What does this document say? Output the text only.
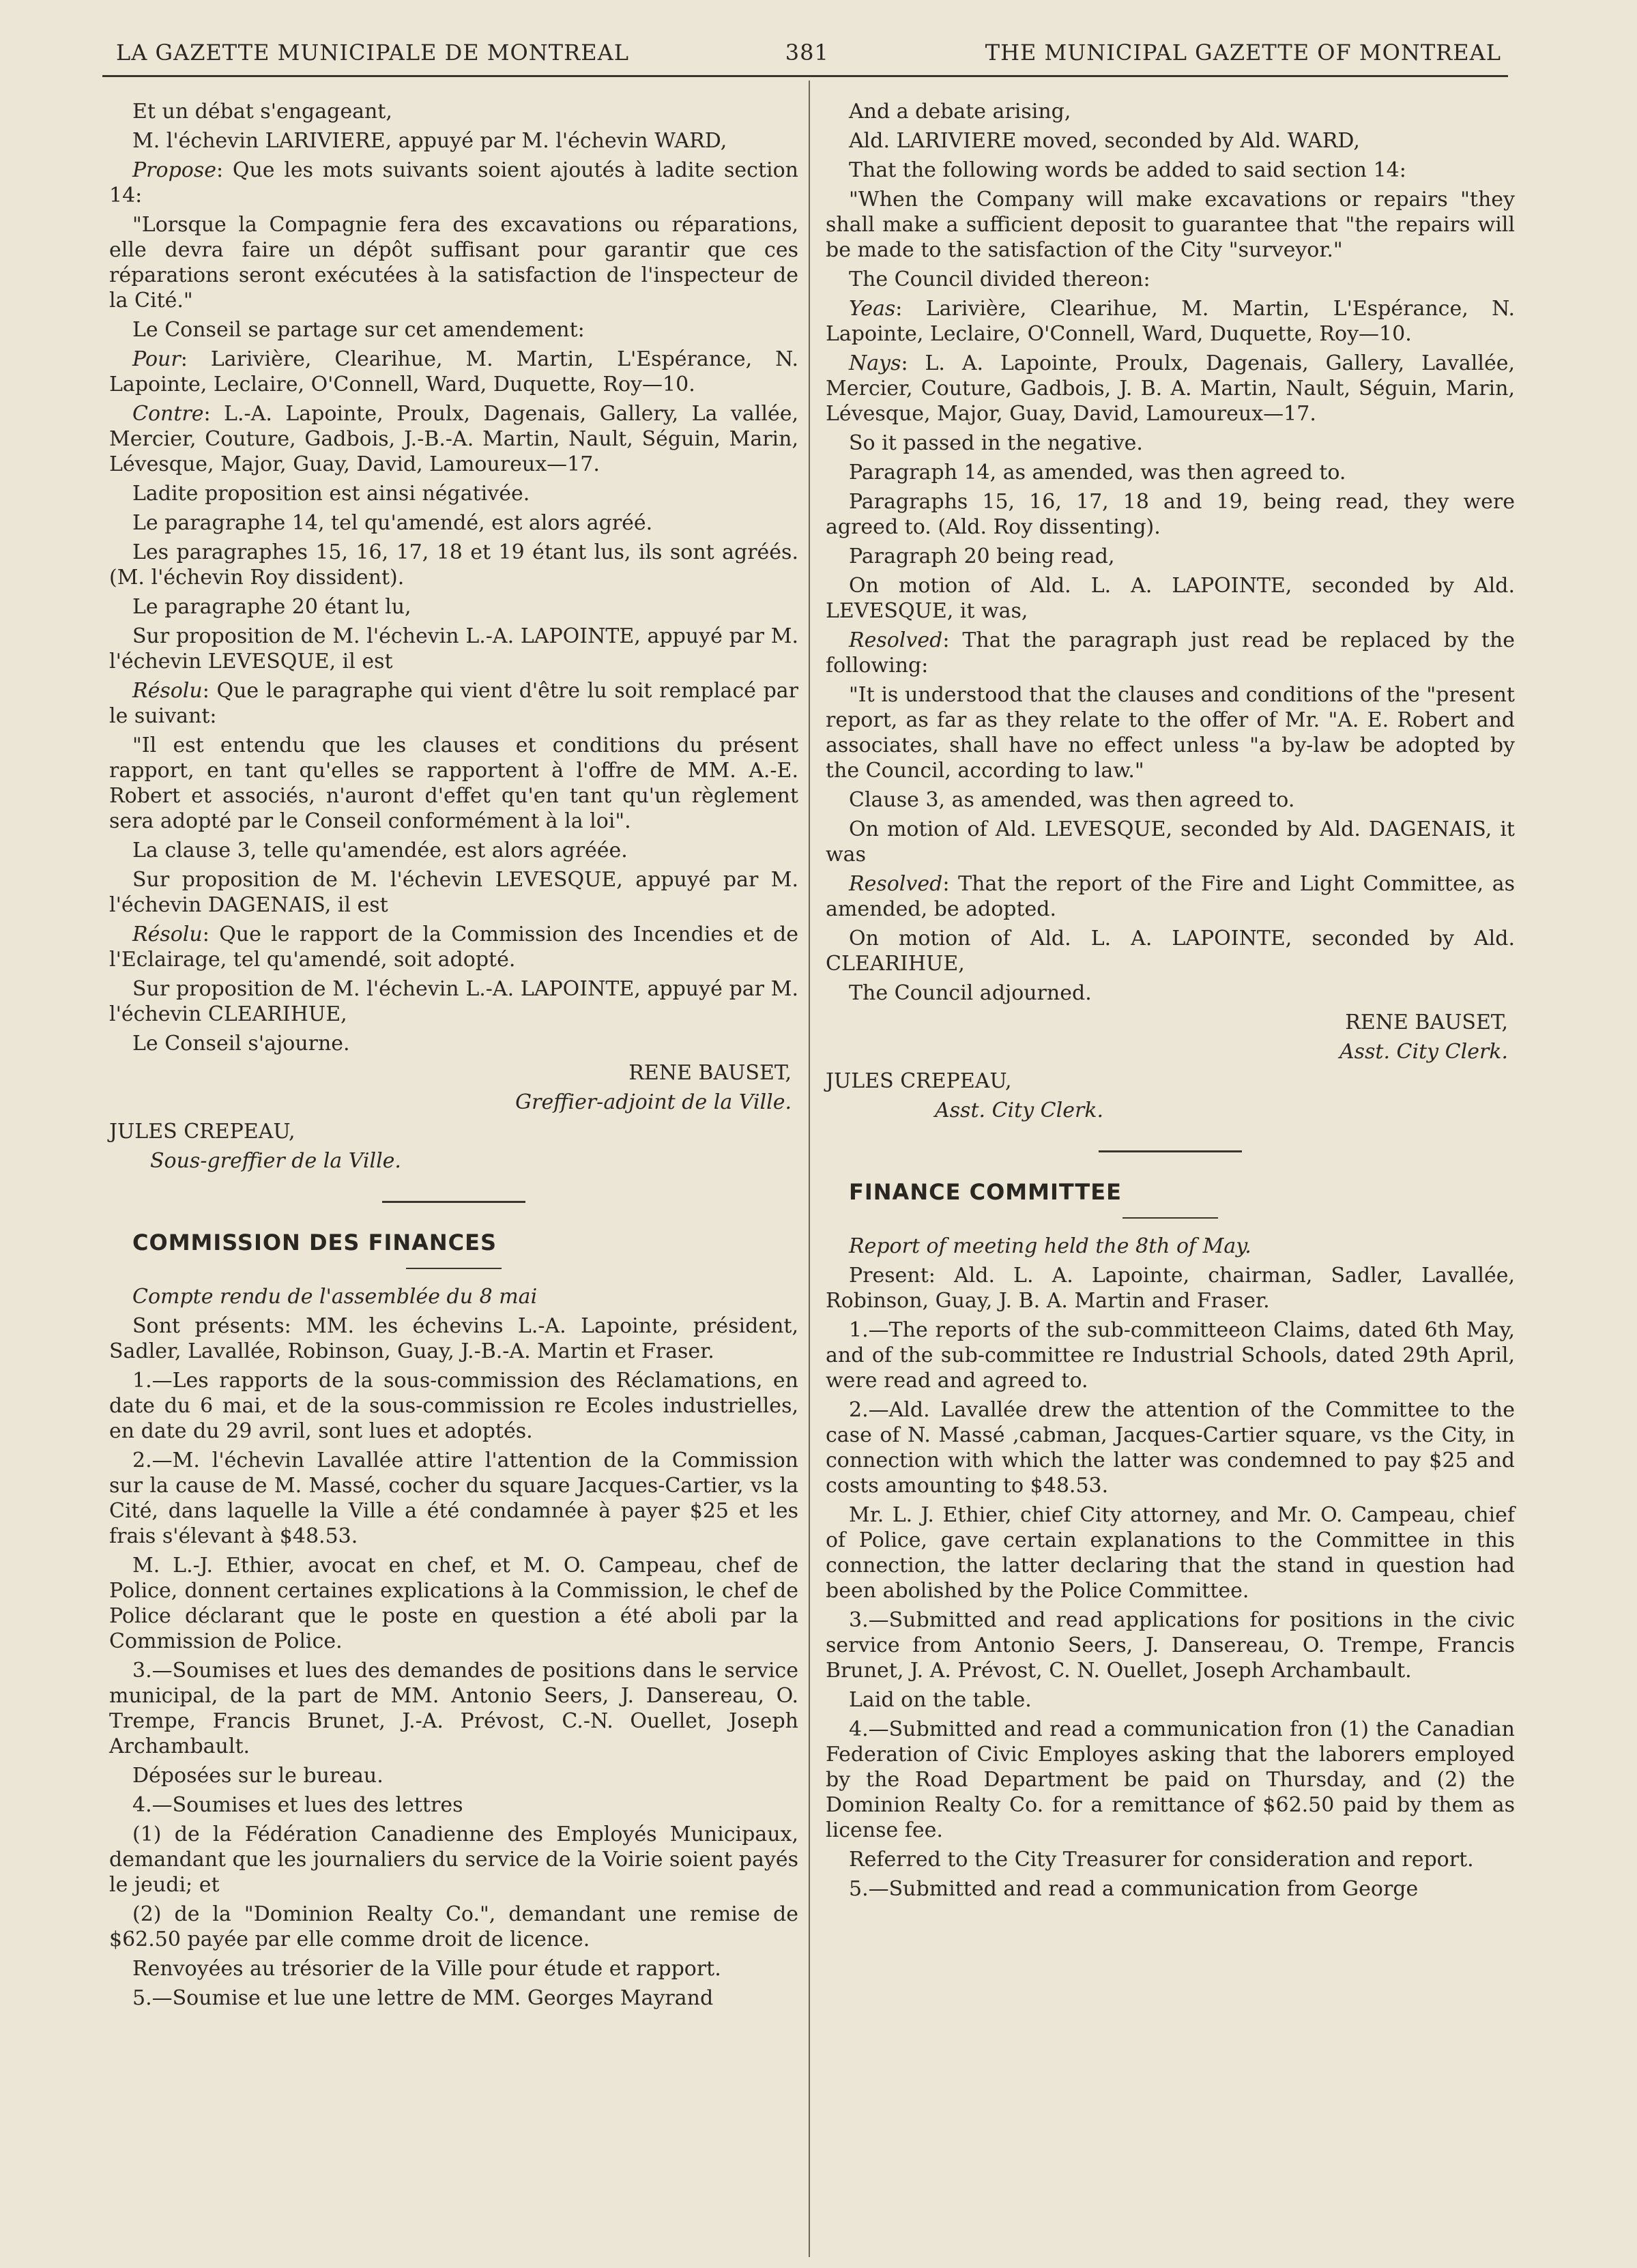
LA GAZETTE MUNICIPALE DE MONTREAL	381	THE MUNICIPAL GAZETTE OF MONTREAL

Et un débat s'engageant,

M. l'échevin LARIVIERE, appuyé par M. l'échevin WARD,

Propose: Que les mots suivants soient ajoutés à ladite section 14:

"Lorsque la Compagnie fera des excavations ou réparations, elle devra faire un dépôt suffisant pour garantir que ces réparations seront exécutées à la satisfaction de l'inspecteur de la Cité."

Le Conseil se partage sur cet amendement:

Pour: Larivière, Clearihue, M. Martin, L'Espérance, N. Lapointe, Leclaire, O'Connell, Ward, Duquette, Roy—10.

Contre: L.-A. Lapointe, Proulx, Dagenais, Gallery, La vallée, Mercier, Couture, Gadbois, J.-B.-A. Martin, Nault, Séguin, Marin, Lévesque, Major, Guay, David, Lamoureux—17.

Ladite proposition est ainsi négativée.

Le paragraphe 14, tel qu'amendé, est alors agréé.

Les paragraphes 15, 16, 17, 18 et 19 étant lus, ils sont agréés. (M. l'échevin Roy dissident).

Le paragraphe 20 étant lu,

Sur proposition de M. l'échevin L.-A. LAPOINTE, appuyé par M. l'échevin LEVESQUE, il est

Résolu: Que le paragraphe qui vient d'être lu soit remplacé par le suivant:

"Il est entendu que les clauses et conditions du présent rapport, en tant qu'elles se rapportent à l'offre de MM. A.-E. Robert et associés, n'auront d'effet qu'en tant qu'un règlement sera adopté par le Conseil conformément à la loi".

La clause 3, telle qu'amendée, est alors agréée.

Sur proposition de M. l'échevin LEVESQUE, appuyé par M. l'échevin DAGENAIS, il est

Résolu: Que le rapport de la Commission des Incendies et de l'Eclairage, tel qu'amendé, soit adopté.

Sur proposition de M. l'échevin L.-A. LAPOINTE, appuyé par M. l'échevin CLEARIHUE,

Le Conseil s'ajourne.

RENE BAUSET,

Greffier-adjoint de la Ville.

JULES CREPEAU,

Sous-greffier de la Ville.

COMMISSION DES FINANCES

Compte rendu de l'assemblée du 8 mai

Sont présents: MM. les échevins L.-A. Lapointe, président, Sadler, Lavallée, Robinson, Guay, J.-B.-A. Martin et Fraser.

1.—Les rapports de la sous-commission des Réclamations, en date du 6 mai, et de la sous-commission re Ecoles industrielles, en date du 29 avril, sont lues et adoptés.

2.—M. l'échevin Lavallée attire l'attention de la Commission sur la cause de M. Massé, cocher du square Jacques-Cartier, vs la Cité, dans laquelle la Ville a été condamnée à payer $25 et les frais s'élevant à $48.53.

M. L.-J. Ethier, avocat en chef, et M. O. Campeau, chef de Police, donnent certaines explications à la Commission, le chef de Police déclarant que le poste en question a été aboli par la Commission de Police.

3.—Soumises et lues des demandes de positions dans le service municipal, de la part de MM. Antonio Seers, J. Dansereau, O. Trempe, Francis Brunet, J.-A. Prévost, C.-N. Ouellet, Joseph Archambault.

Déposées sur le bureau.

4.—Soumises et lues des lettres

(1) de la Fédération Canadienne des Employés Municipaux, demandant que les journaliers du service de la Voirie soient payés le jeudi; et

(2) de la "Dominion Realty Co.", demandant une remise de $62.50 payée par elle comme droit de licence.

Renvoyées au trésorier de la Ville pour étude et rapport.

5.—Soumise et lue une lettre de MM. Georges Mayrand

And a debate arising,

Ald. LARIVIERE moved, seconded by Ald. WARD,

That the following words be added to said section 14:

"When the Company will make excavations or repairs "they shall make a sufficient deposit to guarantee that "the repairs will be made to the satisfaction of the City "surveyor."

The Council divided thereon:

Yeas: Larivière, Clearihue, M. Martin, L'Espérance, N. Lapointe, Leclaire, O'Connell, Ward, Duquette, Roy—10.

Nays: L. A. Lapointe, Proulx, Dagenais, Gallery, Lavallée, Mercier, Couture, Gadbois, J. B. A. Martin, Nault, Séguin, Marin, Lévesque, Major, Guay, David, Lamoureux—17.

So it passed in the negative.

Paragraph 14, as amended, was then agreed to.

Paragraphs 15, 16, 17, 18 and 19, being read, they were agreed to. (Ald. Roy dissenting).

Paragraph 20 being read,

On motion of Ald. L. A. LAPOINTE, seconded by Ald. LEVESQUE, it was,

Resolved: That the paragraph just read be replaced by the following:

"It is understood that the clauses and conditions of the "present report, as far as they relate to the offer of Mr. "A. E. Robert and associates, shall have no effect unless "a by-law be adopted by the Council, according to law."

Clause 3, as amended, was then agreed to.

On motion of Ald. LEVESQUE, seconded by Ald. DAGENAIS, it was

Resolved: That the report of the Fire and Light Committee, as amended, be adopted.

On motion of Ald. L. A. LAPOINTE, seconded by Ald. CLEARIHUE,

The Council adjourned.

RENE BAUSET,

Asst. City Clerk.

JULES CREPEAU,

Asst. City Clerk.

FINANCE COMMITTEE

Report of meeting held the 8th of May.

Present: Ald. L. A. Lapointe, chairman, Sadler, Lavallée, Robinson, Guay, J. B. A. Martin and Fraser.

1.—The reports of the sub-committeeon Claims, dated 6th May, and of the sub-committee re Industrial Schools, dated 29th April, were read and agreed to.

2.—Ald. Lavallée drew the attention of the Committee to the case of N. Massé ,cabman, Jacques-Cartier square, vs the City, in connection with which the latter was condemned to pay $25 and costs amounting to $48.53.

Mr. L. J. Ethier, chief City attorney, and Mr. O. Campeau, chief of Police, gave certain explanations to the Committee in this connection, the latter declaring that the stand in question had been abolished by the Police Committee.

3.—Submitted and read applications for positions in the civic service from Antonio Seers, J. Dansereau, O. Trempe, Francis Brunet, J. A. Prévost, C. N. Ouellet, Joseph Archambault.

Laid on the table.

4.—Submitted and read a communication fron (1) the Canadian Federation of Civic Employes asking that the laborers employed by the Road Department be paid on Thursday, and (2) the Dominion Realty Co. for a remittance of $62.50 paid by them as license fee.

Referred to the City Treasurer for consideration and report.

5.—Submitted and read a communication from George
